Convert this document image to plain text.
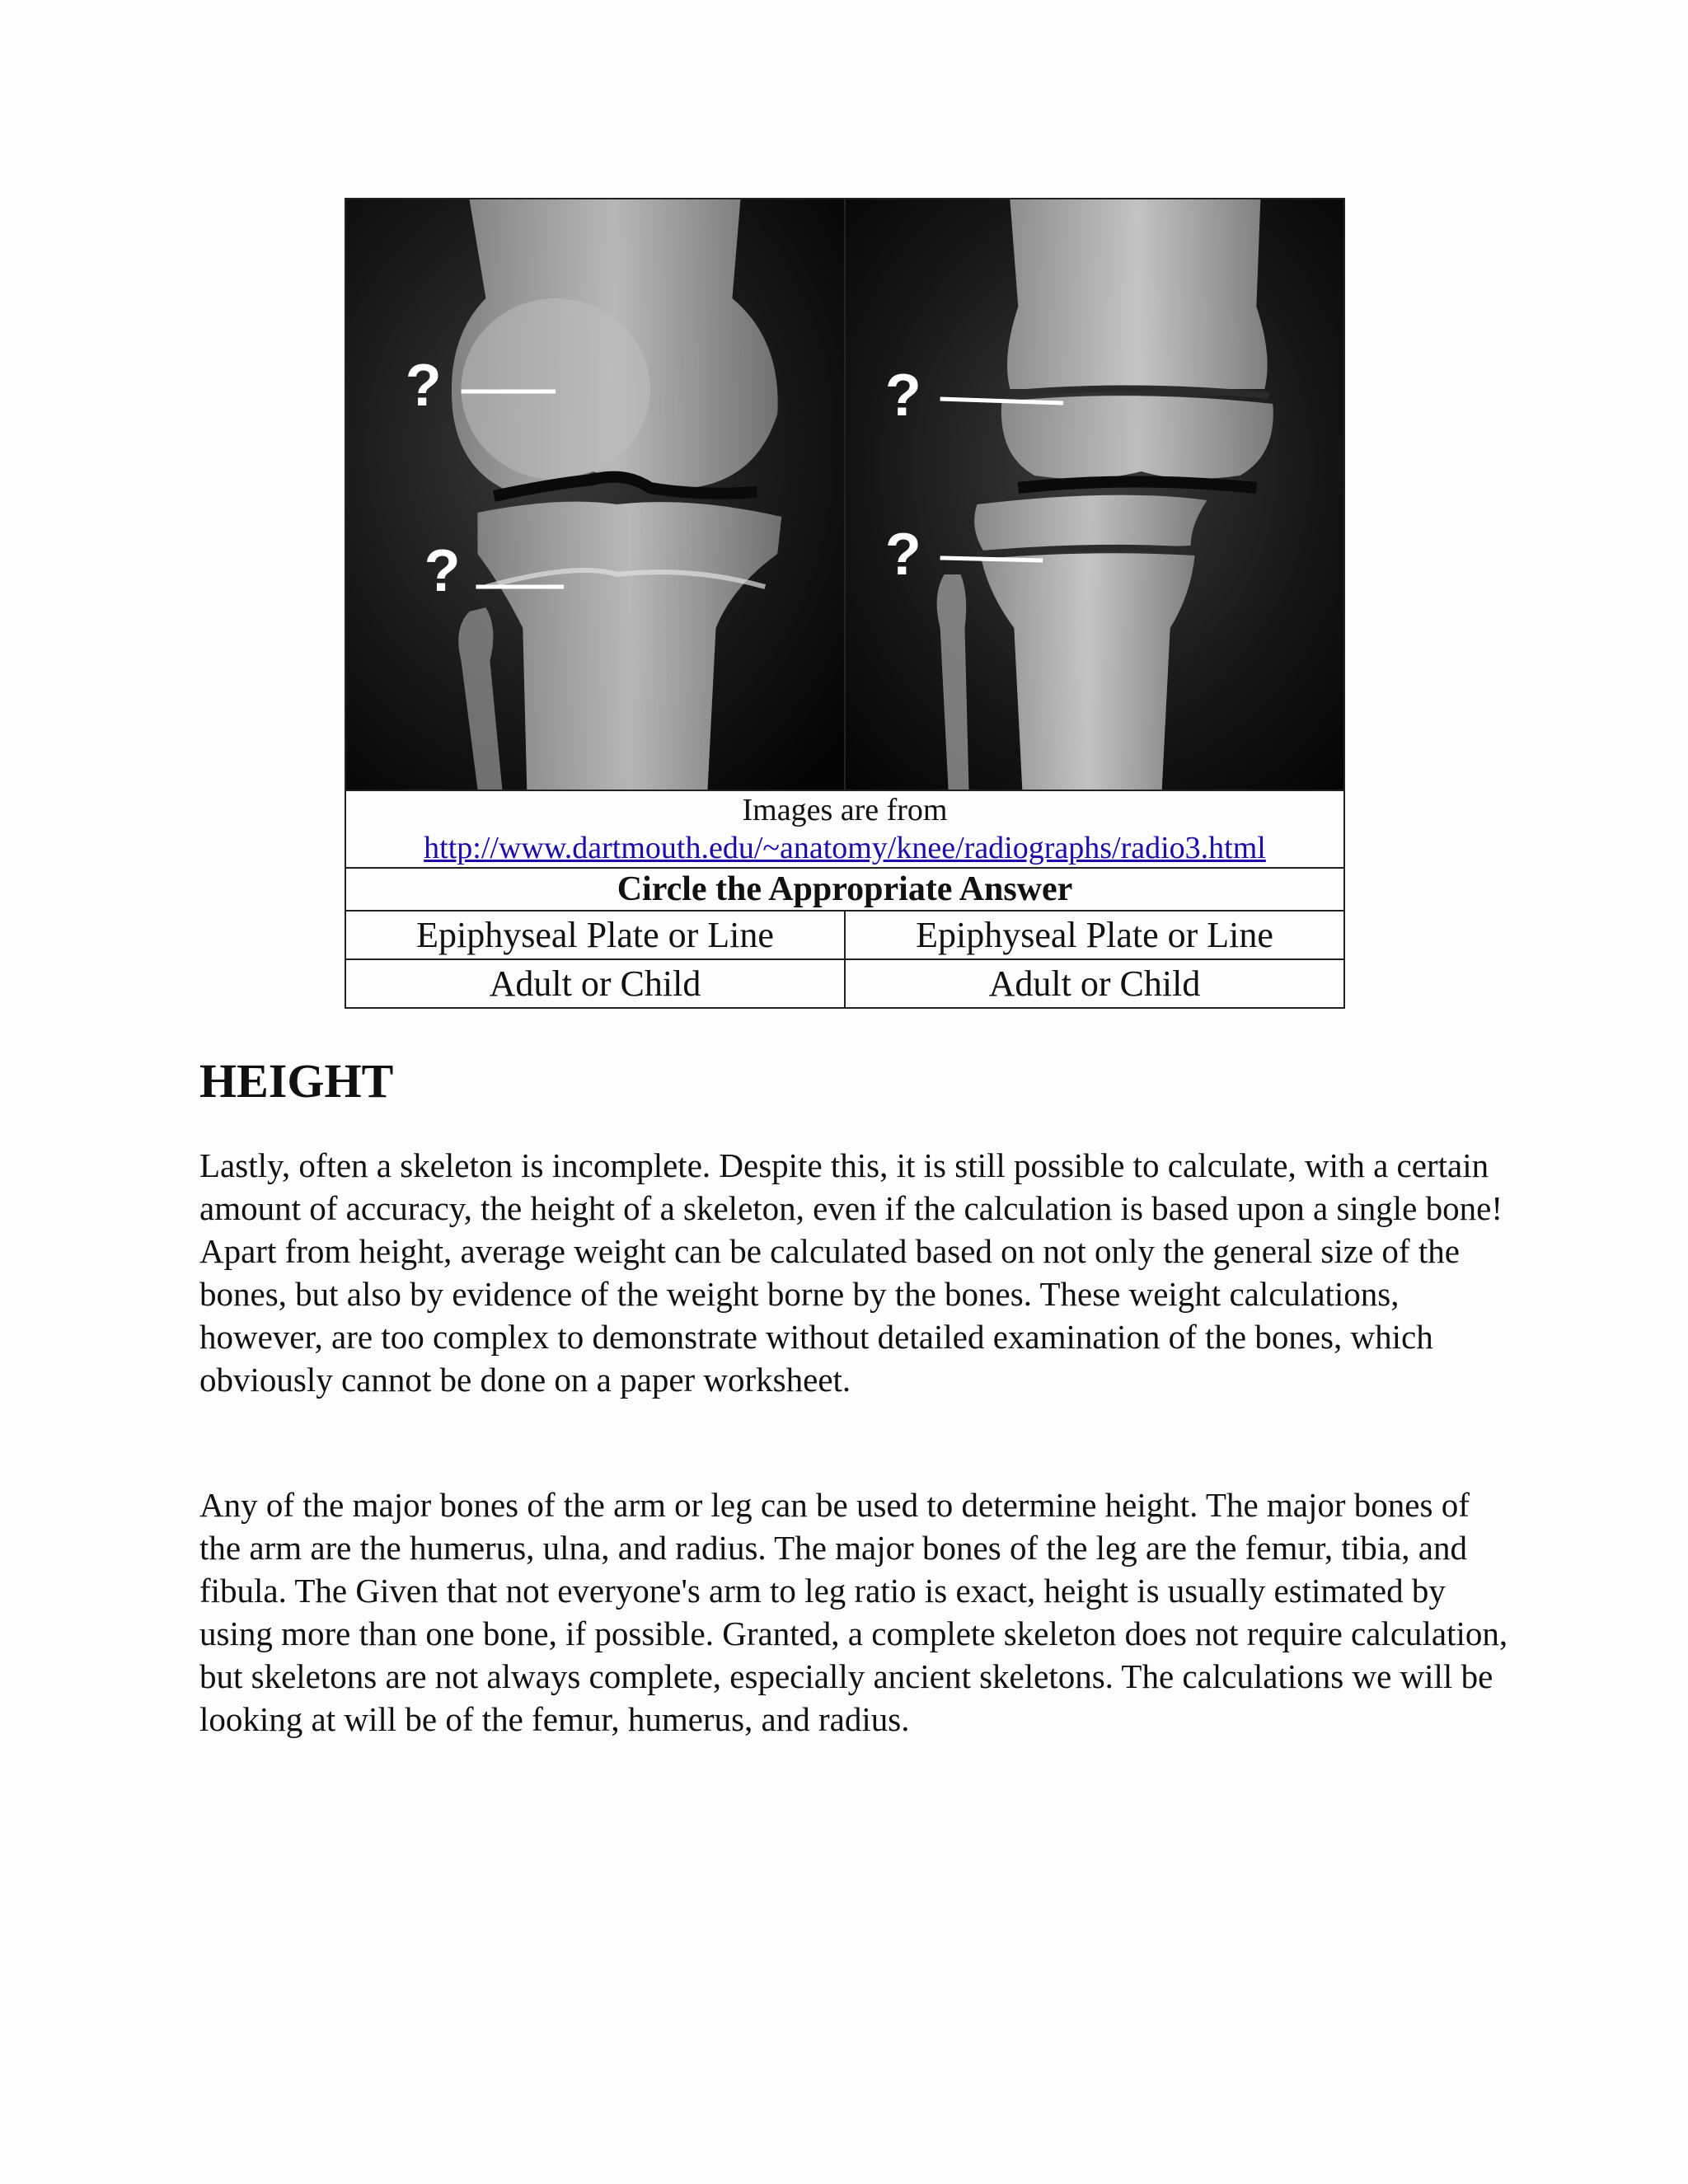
?
?	?
?

Images are from
http://www.dartmouth.edu/~anatomy/knee/radiographs/radio3.html	
Circle the Appropriate Answer	
Epiphyseal Plate or Line	Epiphyseal Plate or Line
Adult or Child	Adult or Child
HEIGHT

Lastly, often a skeleton is incomplete. Despite this, it is still possible to calculate, with a certain amount of accuracy, the height of a skeleton, even if the calculation is based upon a single bone! Apart from height, average weight can be calculated based on not only the general size of the bones, but also by evidence of the weight borne by the bones. These weight calculations, however, are too complex to demonstrate without detailed examination of the bones, which obviously cannot be done on a paper worksheet.

Any of the major bones of the arm or leg can be used to determine height. The major bones of the arm are the humerus, ulna, and radius. The major bones of the leg are the femur, tibia, and fibula. The Given that not everyone's arm to leg ratio is exact, height is usually estimated by using more than one bone, if possible. Granted, a complete skeleton does not require calculation, but skeletons are not always complete, especially ancient skeletons. The calculations we will be looking at will be of the femur, humerus, and radius.
